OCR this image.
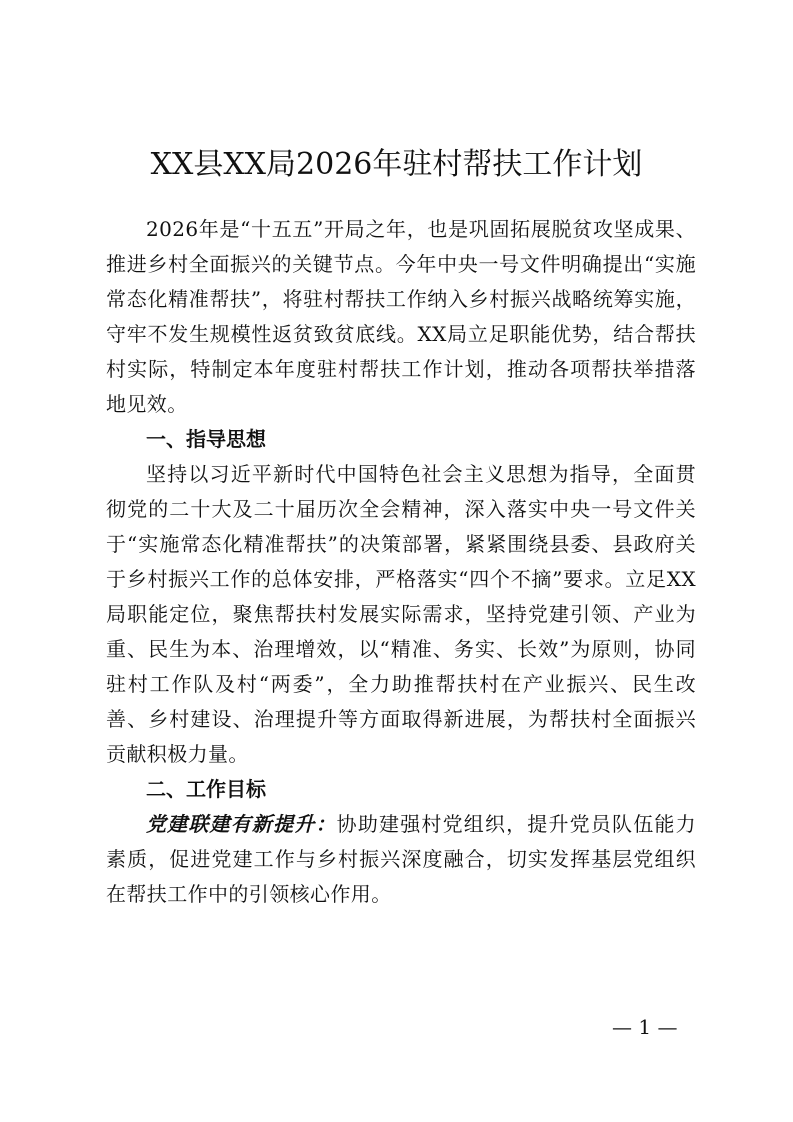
XX县XX局2026年驻村帮扶工作计划

2026年是“十五五”开局之年，也是巩固拓展脱贫攻坚成果、推进乡村全面振兴的关键节点。今年中央一号文件明确提出“实施常态化精准帮扶”，将驻村帮扶工作纳入乡村振兴战略统筹实施，守牢不发生规模性返贫致贫底线。XX局立足职能优势，结合帮扶村实际，特制定本年度驻村帮扶工作计划，推动各项帮扶举措落地见效。

一、指导思想

坚持以习近平新时代中国特色社会主义思想为指导，全面贯彻党的二十大及二十届历次全会精神，深入落实中央一号文件关于“实施常态化精准帮扶”的决策部署，紧紧围绕县委、县政府关于乡村振兴工作的总体安排，严格落实“四个不摘”要求。立足XX局职能定位，聚焦帮扶村发展实际需求，坚持党建引领、产业为重、民生为本、治理增效，以“精准、务实、长效”为原则，协同驻村工作队及村“两委”，全力助推帮扶村在产业振兴、民生改善、乡村建设、治理提升等方面取得新进展，为帮扶村全面振兴贡献积极力量。

二、工作目标

党建联建有新提升：协助建强村党组织，提升党员队伍能力素质，促进党建工作与乡村振兴深度融合，切实发挥基层党组织在帮扶工作中的引领核心作用。

— 1 —
